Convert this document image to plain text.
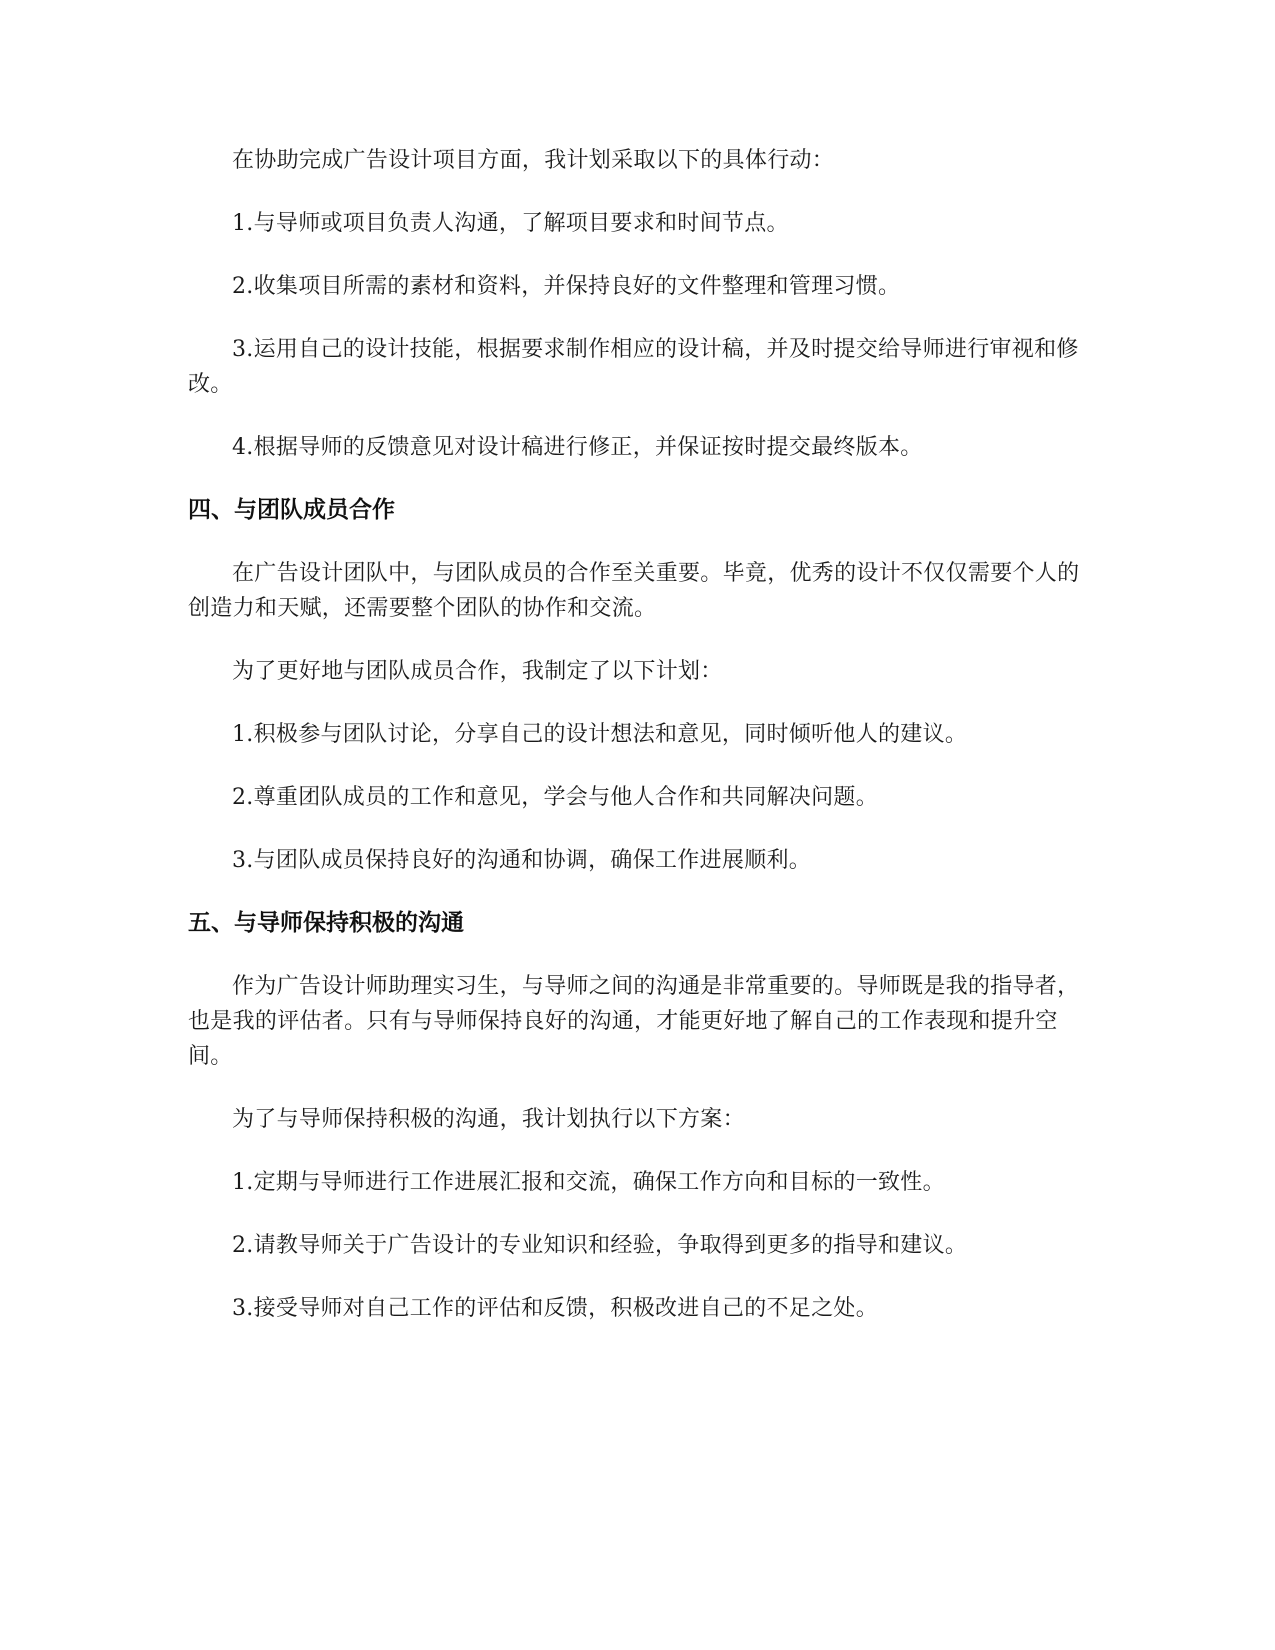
在协助完成广告设计项目方面，我计划采取以下的具体行动：

1.与导师或项目负责人沟通，了解项目要求和时间节点。

2.收集项目所需的素材和资料，并保持良好的文件整理和管理习惯。

3.运用自己的设计技能，根据要求制作相应的设计稿，并及时提交给导师进行审视和修改。

4.根据导师的反馈意见对设计稿进行修正，并保证按时提交最终版本。

四、与团队成员合作

在广告设计团队中，与团队成员的合作至关重要。毕竟，优秀的设计不仅仅需要个人的创造力和天赋，还需要整个团队的协作和交流。

为了更好地与团队成员合作，我制定了以下计划：

1.积极参与团队讨论，分享自己的设计想法和意见，同时倾听他人的建议。

2.尊重团队成员的工作和意见，学会与他人合作和共同解决问题。

3.与团队成员保持良好的沟通和协调，确保工作进展顺利。

五、与导师保持积极的沟通

作为广告设计师助理实习生，与导师之间的沟通是非常重要的。导师既是我的指导者，也是我的评估者。只有与导师保持良好的沟通，才能更好地了解自己的工作表现和提升空间。

为了与导师保持积极的沟通，我计划执行以下方案：

1.定期与导师进行工作进展汇报和交流，确保工作方向和目标的一致性。

2.请教导师关于广告设计的专业知识和经验，争取得到更多的指导和建议。

3.接受导师对自己工作的评估和反馈，积极改进自己的不足之处。
